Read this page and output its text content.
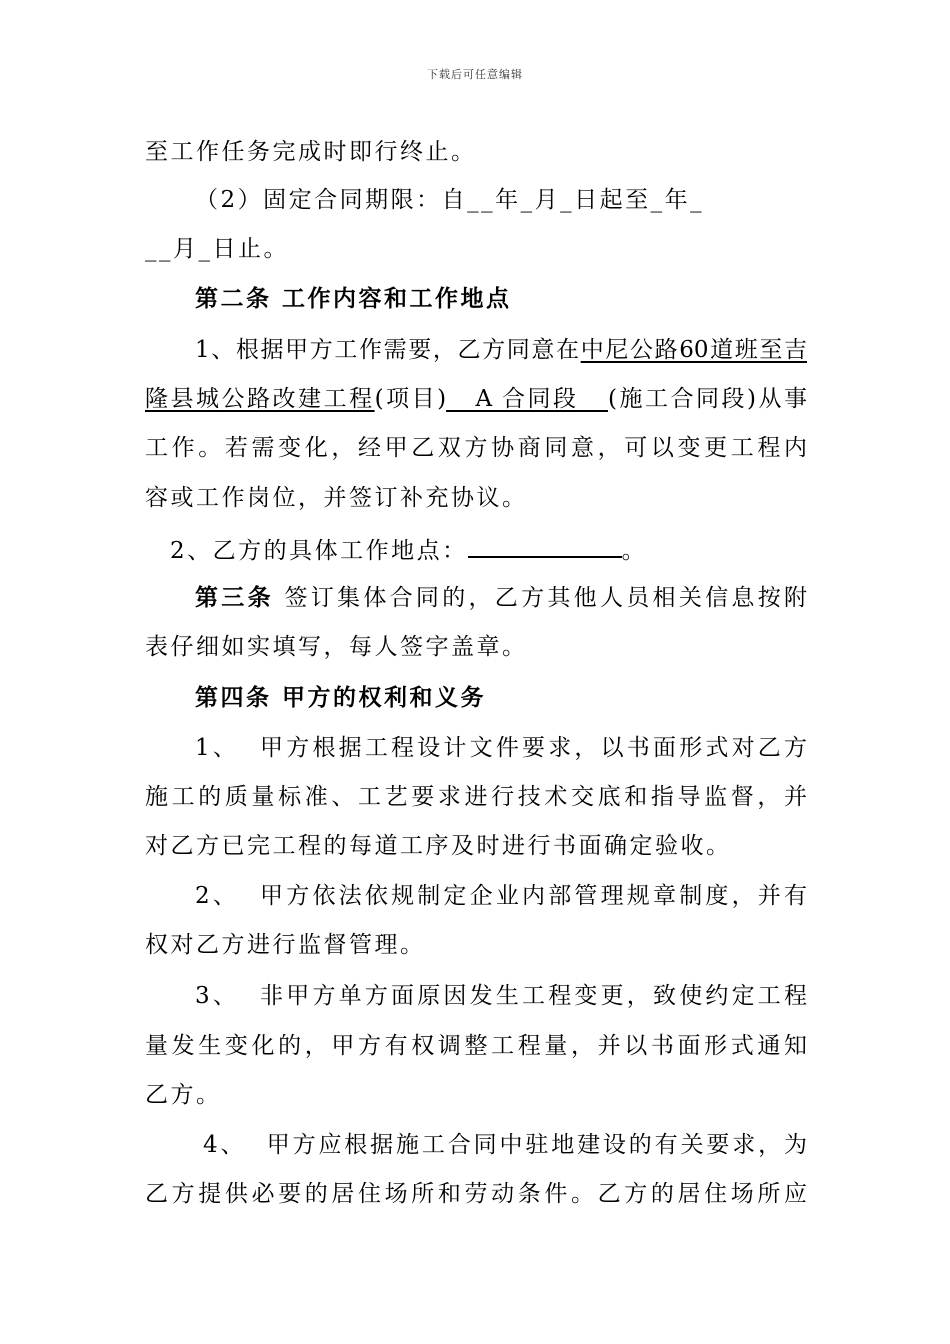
下载后可任意编辑
至工作任务完成时即行终止。
（2）固定合同期限：自__年_月_日起至_年_
__月_日止。
第二条 工作内容和工作地点
1、根据甲方工作需要，乙方同意在中尼公路60道班至吉
隆县城公路改建工程(项目)   A 合同段   (施工合同段)从事
工作。若需变化，经甲乙双方协商同意，可以变更工程内
容或工作岗位，并签订补充协议。
2、乙方的具体工作地点：	。
第三条 签订集体合同的，乙方其他人员相关信息按附
表仔细如实填写，每人签字盖章。
第四条 甲方的权利和义务
1、  甲方根据工程设计文件要求，以书面形式对乙方
施工的质量标准、工艺要求进行技术交底和指导监督，并
对乙方已完工程的每道工序及时进行书面确定验收。
2、  甲方依法依规制定企业内部管理规章制度，并有
权对乙方进行监督管理。
3、  非甲方单方面原因发生工程变更，致使约定工程
量发生变化的，甲方有权调整工程量，并以书面形式通知
乙方。
4、  甲方应根据施工合同中驻地建设的有关要求，为
乙方提供必要的居住场所和劳动条件。乙方的居住场所应
